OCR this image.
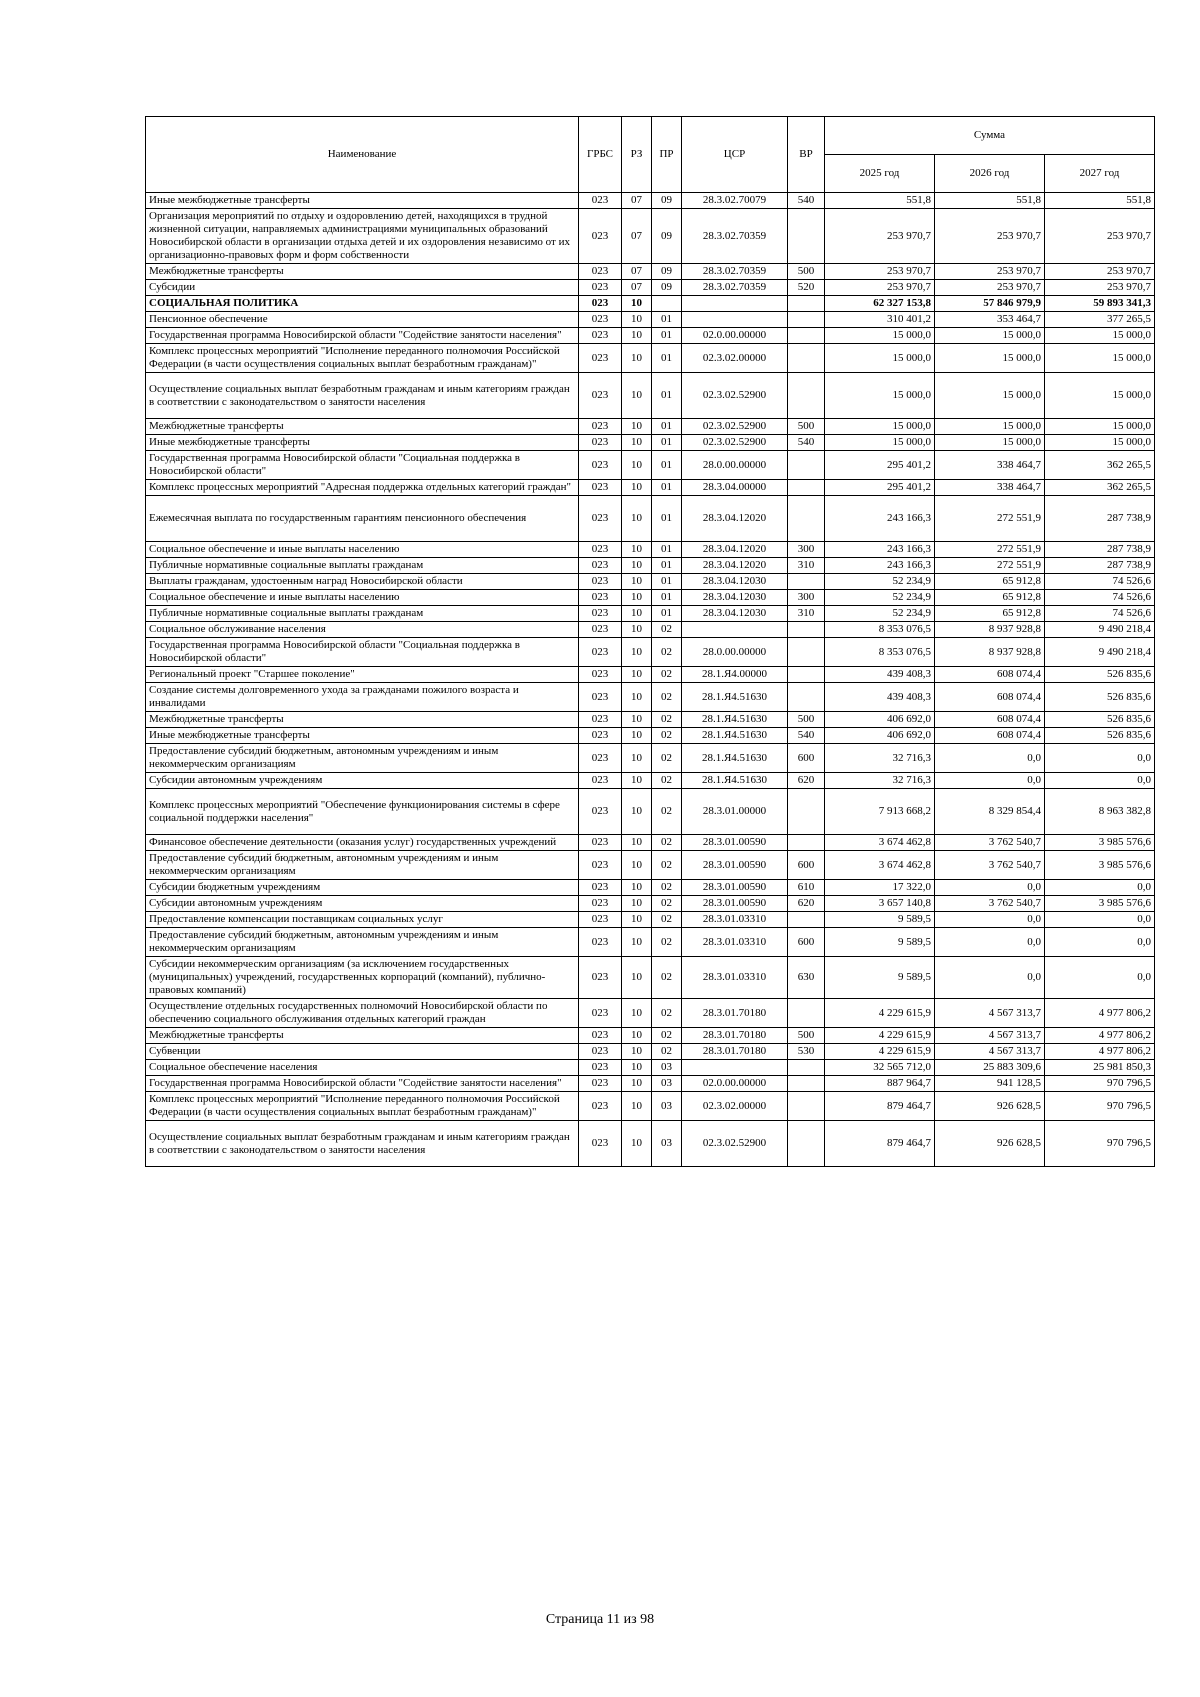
Наименование	ГРБС	РЗ	ПР	ЦСР	ВР	Сумма		
						2025 год	2026 год	2027 год
Иные межбюджетные трансферты	023	07	09	28.3.02.70079	540	551,8	551,8	551,8
Организация мероприятий по отдыху и оздоровлению детей, находящихся в трудной жизненной ситуации, направляемых администрациями муниципальных образований Новосибирской области в организации отдыха детей и их оздоровления независимо от их организационно-правовых форм и форм собственности	023	07	09	28.3.02.70359		253 970,7	253 970,7	253 970,7
Межбюджетные трансферты	023	07	09	28.3.02.70359	500	253 970,7	253 970,7	253 970,7
Субсидии	023	07	09	28.3.02.70359	520	253 970,7	253 970,7	253 970,7
СОЦИАЛЬНАЯ ПОЛИТИКА	023	10				62 327 153,8	57 846 979,9	59 893 341,3
Пенсионное обеспечение	023	10	01			310 401,2	353 464,7	377 265,5
Государственная программа Новосибирской области "Содействие занятости населения"	023	10	01	02.0.00.00000		15 000,0	15 000,0	15 000,0
Комплекс процессных мероприятий "Исполнение переданного полномочия Российской Федерации (в части осуществления социальных выплат безработным гражданам)"	023	10	01	02.3.02.00000		15 000,0	15 000,0	15 000,0
Осуществление социальных выплат безработным гражданам и иным категориям граждан в соответствии с законодательством о занятости населения	023	10	01	02.3.02.52900		15 000,0	15 000,0	15 000,0
Межбюджетные трансферты	023	10	01	02.3.02.52900	500	15 000,0	15 000,0	15 000,0
Иные межбюджетные трансферты	023	10	01	02.3.02.52900	540	15 000,0	15 000,0	15 000,0
Государственная программа Новосибирской области "Социальная поддержка в Новосибирской области"	023	10	01	28.0.00.00000		295 401,2	338 464,7	362 265,5
Комплекс процессных мероприятий "Адресная поддержка отдельных категорий граждан"	023	10	01	28.3.04.00000		295 401,2	338 464,7	362 265,5
Ежемесячная выплата по государственным гарантиям пенсионного обеспечения	023	10	01	28.3.04.12020		243 166,3	272 551,9	287 738,9
Социальное обеспечение и иные выплаты населению	023	10	01	28.3.04.12020	300	243 166,3	272 551,9	287 738,9
Публичные нормативные социальные выплаты гражданам	023	10	01	28.3.04.12020	310	243 166,3	272 551,9	287 738,9
Выплаты гражданам, удостоенным наград Новосибирской области	023	10	01	28.3.04.12030		52 234,9	65 912,8	74 526,6
Социальное обеспечение и иные выплаты населению	023	10	01	28.3.04.12030	300	52 234,9	65 912,8	74 526,6
Публичные нормативные социальные выплаты гражданам	023	10	01	28.3.04.12030	310	52 234,9	65 912,8	74 526,6
Социальное обслуживание населения	023	10	02			8 353 076,5	8 937 928,8	9 490 218,4
Государственная программа Новосибирской области "Социальная поддержка в Новосибирской области"	023	10	02	28.0.00.00000		8 353 076,5	8 937 928,8	9 490 218,4
Региональный проект "Старшее поколение"	023	10	02	28.1.Я4.00000		439 408,3	608 074,4	526 835,6
Создание системы долговременного ухода за гражданами пожилого возраста и инвалидами	023	10	02	28.1.Я4.51630		439 408,3	608 074,4	526 835,6
Межбюджетные трансферты	023	10	02	28.1.Я4.51630	500	406 692,0	608 074,4	526 835,6
Иные межбюджетные трансферты	023	10	02	28.1.Я4.51630	540	406 692,0	608 074,4	526 835,6
Предоставление субсидий бюджетным, автономным учреждениям и иным некоммерческим организациям	023	10	02	28.1.Я4.51630	600	32 716,3	0,0	0,0
Субсидии автономным учреждениям	023	10	02	28.1.Я4.51630	620	32 716,3	0,0	0,0
Комплекс процессных мероприятий "Обеспечение функционирования системы в сфере социальной поддержки населения"	023	10	02	28.3.01.00000		7 913 668,2	8 329 854,4	8 963 382,8
Финансовое обеспечение деятельности (оказания услуг) государственных учреждений	023	10	02	28.3.01.00590		3 674 462,8	3 762 540,7	3 985 576,6
Предоставление субсидий бюджетным, автономным учреждениям и иным некоммерческим организациям	023	10	02	28.3.01.00590	600	3 674 462,8	3 762 540,7	3 985 576,6
Субсидии бюджетным учреждениям	023	10	02	28.3.01.00590	610	17 322,0	0,0	0,0
Субсидии автономным учреждениям	023	10	02	28.3.01.00590	620	3 657 140,8	3 762 540,7	3 985 576,6
Предоставление компенсации поставщикам социальных услуг	023	10	02	28.3.01.03310		9 589,5	0,0	0,0
Предоставление субсидий бюджетным, автономным учреждениям и иным некоммерческим организациям	023	10	02	28.3.01.03310	600	9 589,5	0,0	0,0
Субсидии некоммерческим организациям (за исключением государственных (муниципальных) учреждений, государственных корпораций (компаний), публично-правовых компаний)	023	10	02	28.3.01.03310	630	9 589,5	0,0	0,0
Осуществление отдельных государственных полномочий Новосибирской области по обеспечению социального обслуживания отдельных категорий граждан	023	10	02	28.3.01.70180		4 229 615,9	4 567 313,7	4 977 806,2
Межбюджетные трансферты	023	10	02	28.3.01.70180	500	4 229 615,9	4 567 313,7	4 977 806,2
Субвенции	023	10	02	28.3.01.70180	530	4 229 615,9	4 567 313,7	4 977 806,2
Социальное обеспечение населения	023	10	03			32 565 712,0	25 883 309,6	25 981 850,3
Государственная программа Новосибирской области "Содействие занятости населения"	023	10	03	02.0.00.00000		887 964,7	941 128,5	970 796,5
Комплекс процессных мероприятий "Исполнение переданного полномочия Российской Федерации (в части осуществления социальных выплат безработным гражданам)"	023	10	03	02.3.02.00000		879 464,7	926 628,5	970 796,5
Осуществление социальных выплат безработным гражданам и иным категориям граждан в соответствии с законодательством о занятости населения	023	10	03	02.3.02.52900		879 464,7	926 628,5	970 796,5
Страница 11 из 98
